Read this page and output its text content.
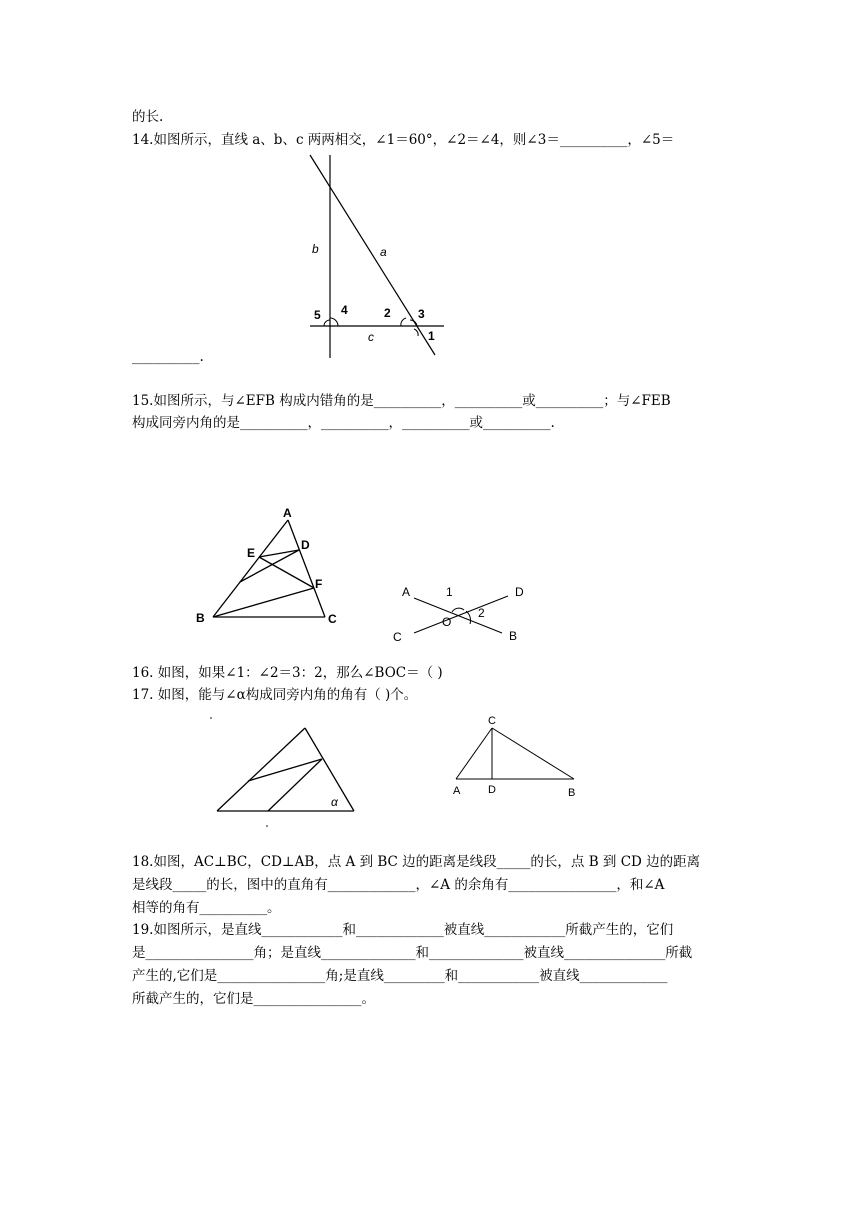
的长.
14.如图所示，直线 a、b、c 两两相交，∠1＝60°，∠2＝∠4，则∠3＝__________，∠5＝
b	a
c
5 4	2 3
1
__________.
15.如图所示，与∠EFB 构成内错角的是__________，__________或__________；与∠FEB
构成同旁内角的是__________，__________，__________或__________.
A
E
D
F
B	C
A	1	D
2
O
C	B
16. 如图，如果∠1：∠2＝3：2，那么∠BOC＝（ )
17. 如图，能与∠α构成同旁内角的角有（ )个。
α
C
A	D	B
18.如图，AC⊥BC，CD⊥AB，点 A 到 BC 边的距离是线段_____的长，点 B 到 CD 边的距离
是线段_____的长，图中的直角有_____________，∠A 的余角有________________，和∠A
相等的角有__________。
19.如图所示，是直线____________和_____________被直线____________所截产生的，它们
是________________角；是直线______________和______________被直线_______________所截
产生的,它们是________________角;是直线_________和____________被直线_____________
所截产生的，它们是________________。
